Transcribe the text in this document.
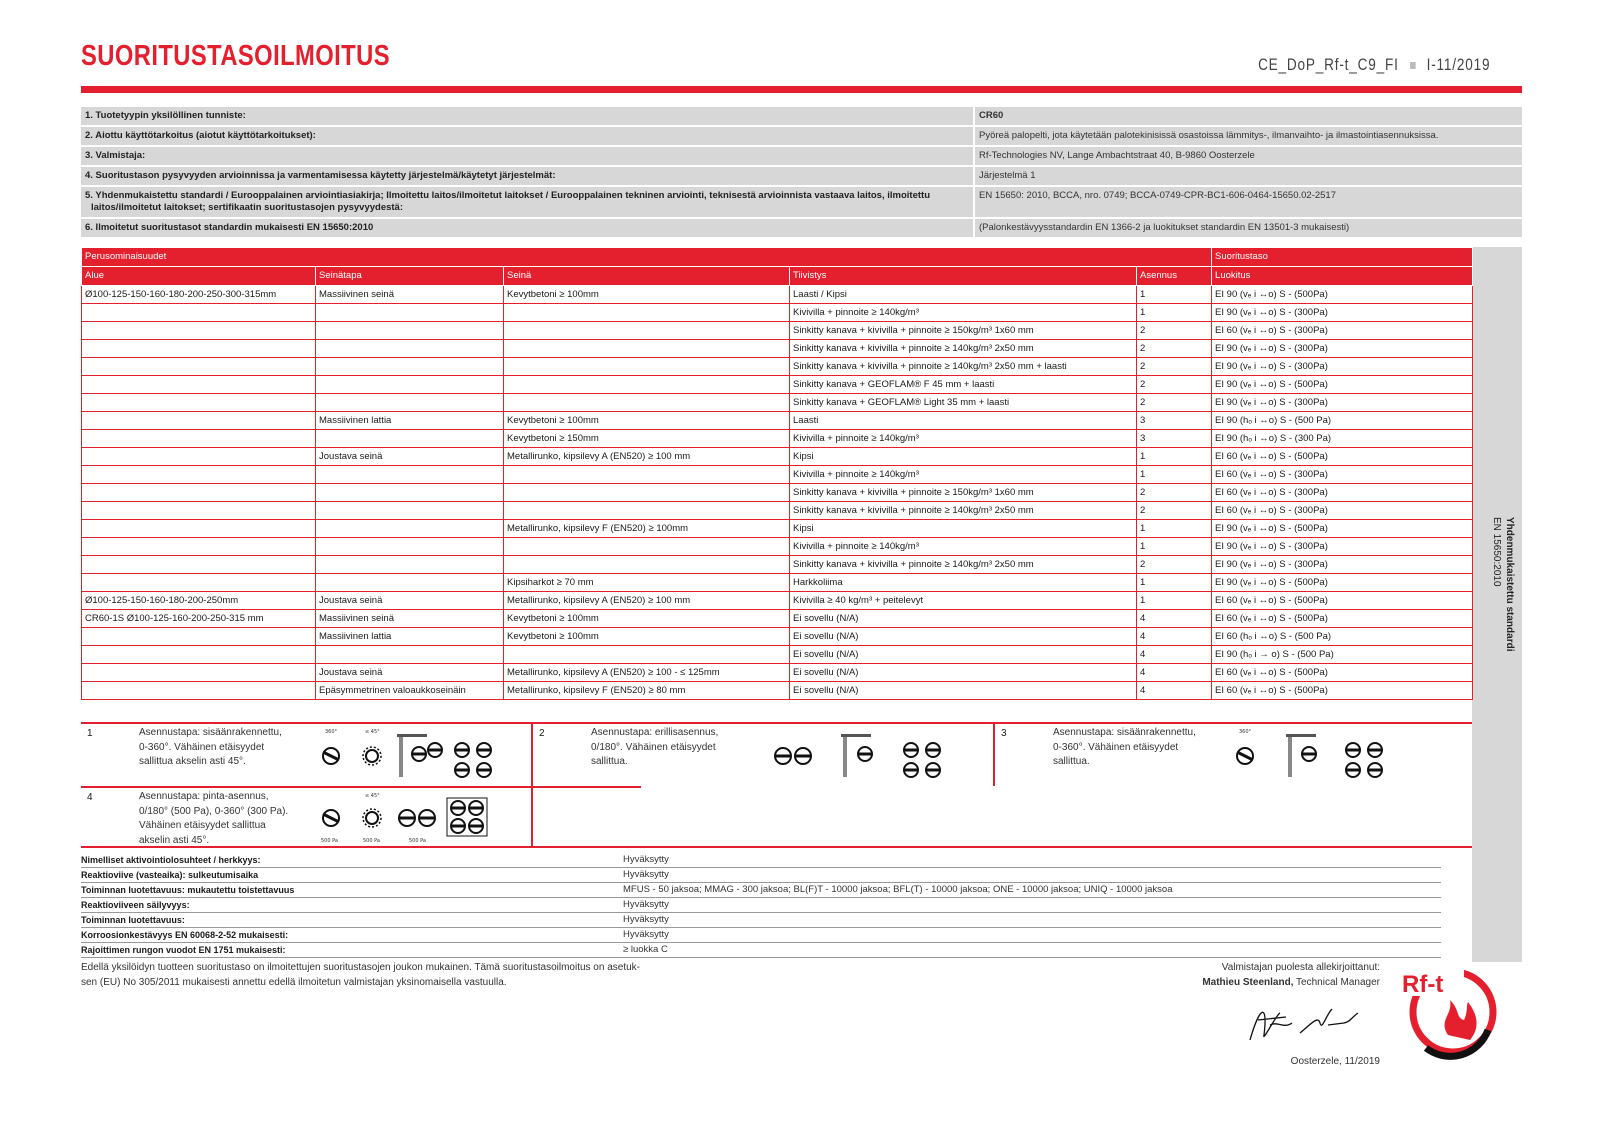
SUORITUSTASOILMOITUS	CE_DoP_Rf-t_C9_FI I-11/2019
1. Tuotetyypin yksilöllinen tunniste:	CR60
2. Aiottu käyttötarkoitus (aiotut käyttötarkoitukset):	Pyöreä palopelti, jota käytetään palotekinisissä osastoissa lämmitys-, ilmanvaihto- ja ilmastointiasennuksissa.
3. Valmistaja:	Rf-Technologies NV, Lange Ambachtstraat 40, B-9860 Oosterzele
4. Suoritustason pysyvyyden arvioinnissa ja varmentamisessa käytetty järjestelmä/käytetyt järjestelmät:	Järjestelmä 1
5. Yhdenmukaistettu standardi / Eurooppalainen arviointiasiakirja; Ilmoitettu laitos/ilmoitetut laitokset / Eurooppalainen tekninen arviointi, teknisestä arvioinnista vastaava laitos, ilmoitettu laitos/ilmoitetut laitokset; sertifikaatin suoritustasojen pysyvyydestä:
EN 15650: 2010, BCCA, nro. 0749; BCCA-0749-CPR-BC1-606-0464-15650.02-2517
6. Ilmoitetut suoritustasot standardin mukaisesti EN 15650:2010	(Palonkestävyysstandardin EN 1366-2 ja luokitukset standardin EN 13501-3 mukaisesti)
Yhdenmukaistettu standardi
EN 15650:2010
Perusominaisuudet					Suoritustaso
Alue	Seinätapa	Seinä	Tiivistys	Asennus	Luokitus
Ø100-125-150-160-180-200-250-300-315mm	Massiivinen seinä	Kevytbetoni ≥ 100mm	Laasti / Kipsi	1	EI 90 (vₑ i ↔o) S - (500Pa)
			Kivivilla + pinnoite ≥ 140kg/m³	1	EI 90 (vₑ i ↔o) S - (300Pa)
			Sinkitty kanava + kivivilla + pinnoite ≥ 150kg/m³ 1x60 mm	2	EI 60 (vₑ i ↔o) S - (300Pa)
			Sinkitty kanava + kivivilla + pinnoite ≥ 140kg/m³ 2x50 mm	2	EI 90 (vₑ i ↔o) S - (300Pa)
			Sinkitty kanava + kivivilla + pinnoite ≥ 140kg/m³ 2x50 mm + laasti	2	EI 90 (vₑ i ↔o) S - (300Pa)
			Sinkitty kanava + GEOFLAM® F 45 mm + laasti	2	EI 90 (vₑ i ↔o) S - (500Pa)
			Sinkitty kanava + GEOFLAM® Light 35 mm + laasti	2	EI 90 (vₑ i ↔o) S - (300Pa)
	Massiivinen lattia	Kevytbetoni ≥ 100mm	Laasti	3	EI 90 (hₒ i ↔o) S - (500 Pa)
		Kevytbetoni ≥ 150mm	Kivivilla + pinnoite ≥ 140kg/m³	3	EI 90 (hₒ i ↔o) S - (300 Pa)
	Joustava seinä	Metallirunko, kipsilevy A (EN520) ≥ 100 mm	Kipsi	1	EI 60 (vₑ i ↔o) S - (500Pa)
			Kivivilla + pinnoite ≥ 140kg/m³	1	EI 60 (vₑ i ↔o) S - (300Pa)
			Sinkitty kanava + kivivilla + pinnoite ≥ 150kg/m³ 1x60 mm	2	EI 60 (vₑ i ↔o) S - (300Pa)
			Sinkitty kanava + kivivilla + pinnoite ≥ 140kg/m³ 2x50 mm	2	EI 60 (vₑ i ↔o) S - (300Pa)
		Metallirunko, kipsilevy F (EN520) ≥ 100mm	Kipsi	1	EI 90 (vₑ i ↔o) S - (500Pa)
			Kivivilla + pinnoite ≥ 140kg/m³	1	EI 90 (vₑ i ↔o) S - (300Pa)
			Sinkitty kanava + kivivilla + pinnoite ≥ 140kg/m³ 2x50 mm	2	EI 90 (vₑ i ↔o) S - (300Pa)
		Kipsiharkot ≥ 70 mm	Harkkoliima	1	EI 90 (vₑ i ↔o) S - (500Pa)
Ø100-125-150-160-180-200-250mm	Joustava seinä	Metallirunko, kipsilevy A (EN520) ≥ 100 mm	Kivivilla ≥ 40 kg/m³ + peitelevyt	1	EI 60 (vₑ i ↔o) S - (500Pa)
CR60-1S Ø100-125-160-200-250-315 mm	Massiivinen seinä	Kevytbetoni ≥ 100mm	Ei sovellu (N/A)	4	EI 60 (vₑ i ↔o) S - (500Pa)
	Massiivinen lattia	Kevytbetoni ≥ 100mm	Ei sovellu (N/A)	4	EI 60 (hₒ i ↔o) S - (500 Pa)
			Ei sovellu (N/A)	4	EI 90 (hₒ i → o) S - (500 Pa)
	Joustava seinä	Metallirunko, kipsilevy A (EN520) ≥ 100 - ≤ 125mm	Ei sovellu (N/A)	4	EI 60 (vₑ i ↔o) S - (500Pa)
	Epäsymmetrinen valoaukkoseinäin	Metallirunko, kipsilevy F (EN520) ≥ 80 mm	Ei sovellu (N/A)	4	EI 60 (vₑ i ↔o) S - (500Pa)
1	Asennustapa: sisäänrakennettu, 0-360°. Vähäinen etäisyydet sallittua akselin asti 45°.
360°	≤ 45°	2	Asennustapa: erillisasennus, 0/180°. Vähäinen etäisyydet sallittua.
3	Asennustapa: sisäänrakennettu, 0-360°. Vähäinen etäisyydet sallittua.
360°
4	Asennustapa: pinta-asennus, 0/180° (500 Pa), 0-360° (300 Pa). Vähäinen etäisyydet sallittua akselin asti 45°.	500 Pa
≤ 45°
500 Pa	500 Pa
Nimelliset aktivointiolosuhteet / herkkyys:	Hyväksytty
Reaktioviive (vasteaika): sulkeutumisaika	Hyväksytty
Toiminnan luotettavuus: mukautettu toistettavuus	MFUS - 50 jaksoa; MMAG - 300 jaksoa; BL(F)T - 10000 jaksoa; BFL(T) - 10000 jaksoa; ONE - 10000 jaksoa; UNIQ - 10000 jaksoa
Reaktioviiveen säilyvyys:	Hyväksytty
Toiminnan luotettavuus:	Hyväksytty
Korroosionkestävyys EN 60068-2-52 mukaisesti:	Hyväksytty
Rajoittimen rungon vuodot EN 1751 mukaisesti:	≥ luokka C
Edellä yksilöidyn tuotteen suoritustaso on ilmoitettujen suoritustasojen joukon mukainen. Tämä suoritustasoilmoitus on asetuk-
sen (EU) No 305/2011 mukaisesti annettu edellä ilmoitetun valmistajan yksinomaisella vastuulla.
Valmistajan puolesta allekirjoittanut:
Mathieu Steenland, Technical Manager
Oosterzele, 11/2019
Rf-t
